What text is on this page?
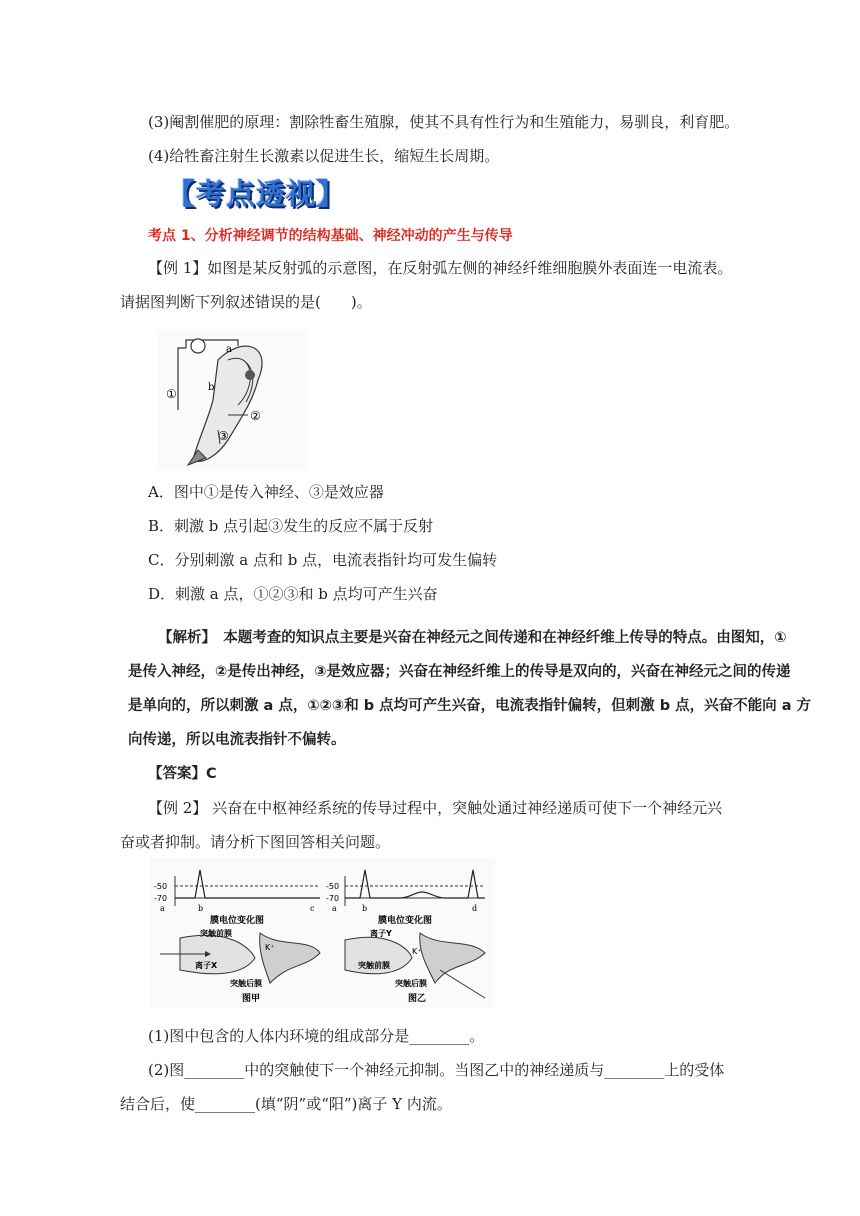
(3)阉割催肥的原理：割除牲畜生殖腺，使其不具有性行为和生殖能力，易驯良，利育肥。
(4)给牲畜注射生长激素以促进生长，缩短生长周期。
【考点透视】
考点 1、分析神经调节的结构基础、神经冲动的产生与传导
【例 1】如图是某反射弧的示意图，在反射弧左侧的神经纤维细胞膜外表面连一电流表。
请据图判断下列叙述错误的是(　　)。
a
b
①
②
③
A．图中①是传入神经、③是效应器
B．刺激 b 点引起③发生的反应不属于反射
C．分别刺激 a 点和 b 点，电流表指针均可发生偏转
D．刺激 a 点，①②③和 b 点均可产生兴奋
【解析】　本题考查的知识点主要是兴奋在神经元之间传递和在神经纤维上传导的特点。由图知，①
是传入神经，②是传出神经，③是效应器；兴奋在神经纤维上的传导是双向的，兴奋在神经元之间的传递
是单向的，所以刺激 a 点，①②③和 b 点均可产生兴奋，电流表指针偏转，但刺激 b 点，兴奋不能向 a 方
向传递，所以电流表指针不偏转。
【答案】C
【例 2】 兴奋在中枢神经系统的传导过程中，突触处通过神经递质可使下一个神经元兴
奋或者抑制。请分析下图回答相关问题。
-50
-70
a	b	c
膜电位变化图
突触前膜
K⁺
离子X
突触后膜
图甲
-50
-70
a	b	d
膜电位变化图
离子Y
K⁺
突触前膜
突触后膜
图乙
(1)图中包含的人体内环境的组成部分是________。
(2)图________中的突触使下一个神经元抑制。当图乙中的神经递质与________上的受体
结合后，使________(填“阴”或“阳”)离子 Y 内流。
